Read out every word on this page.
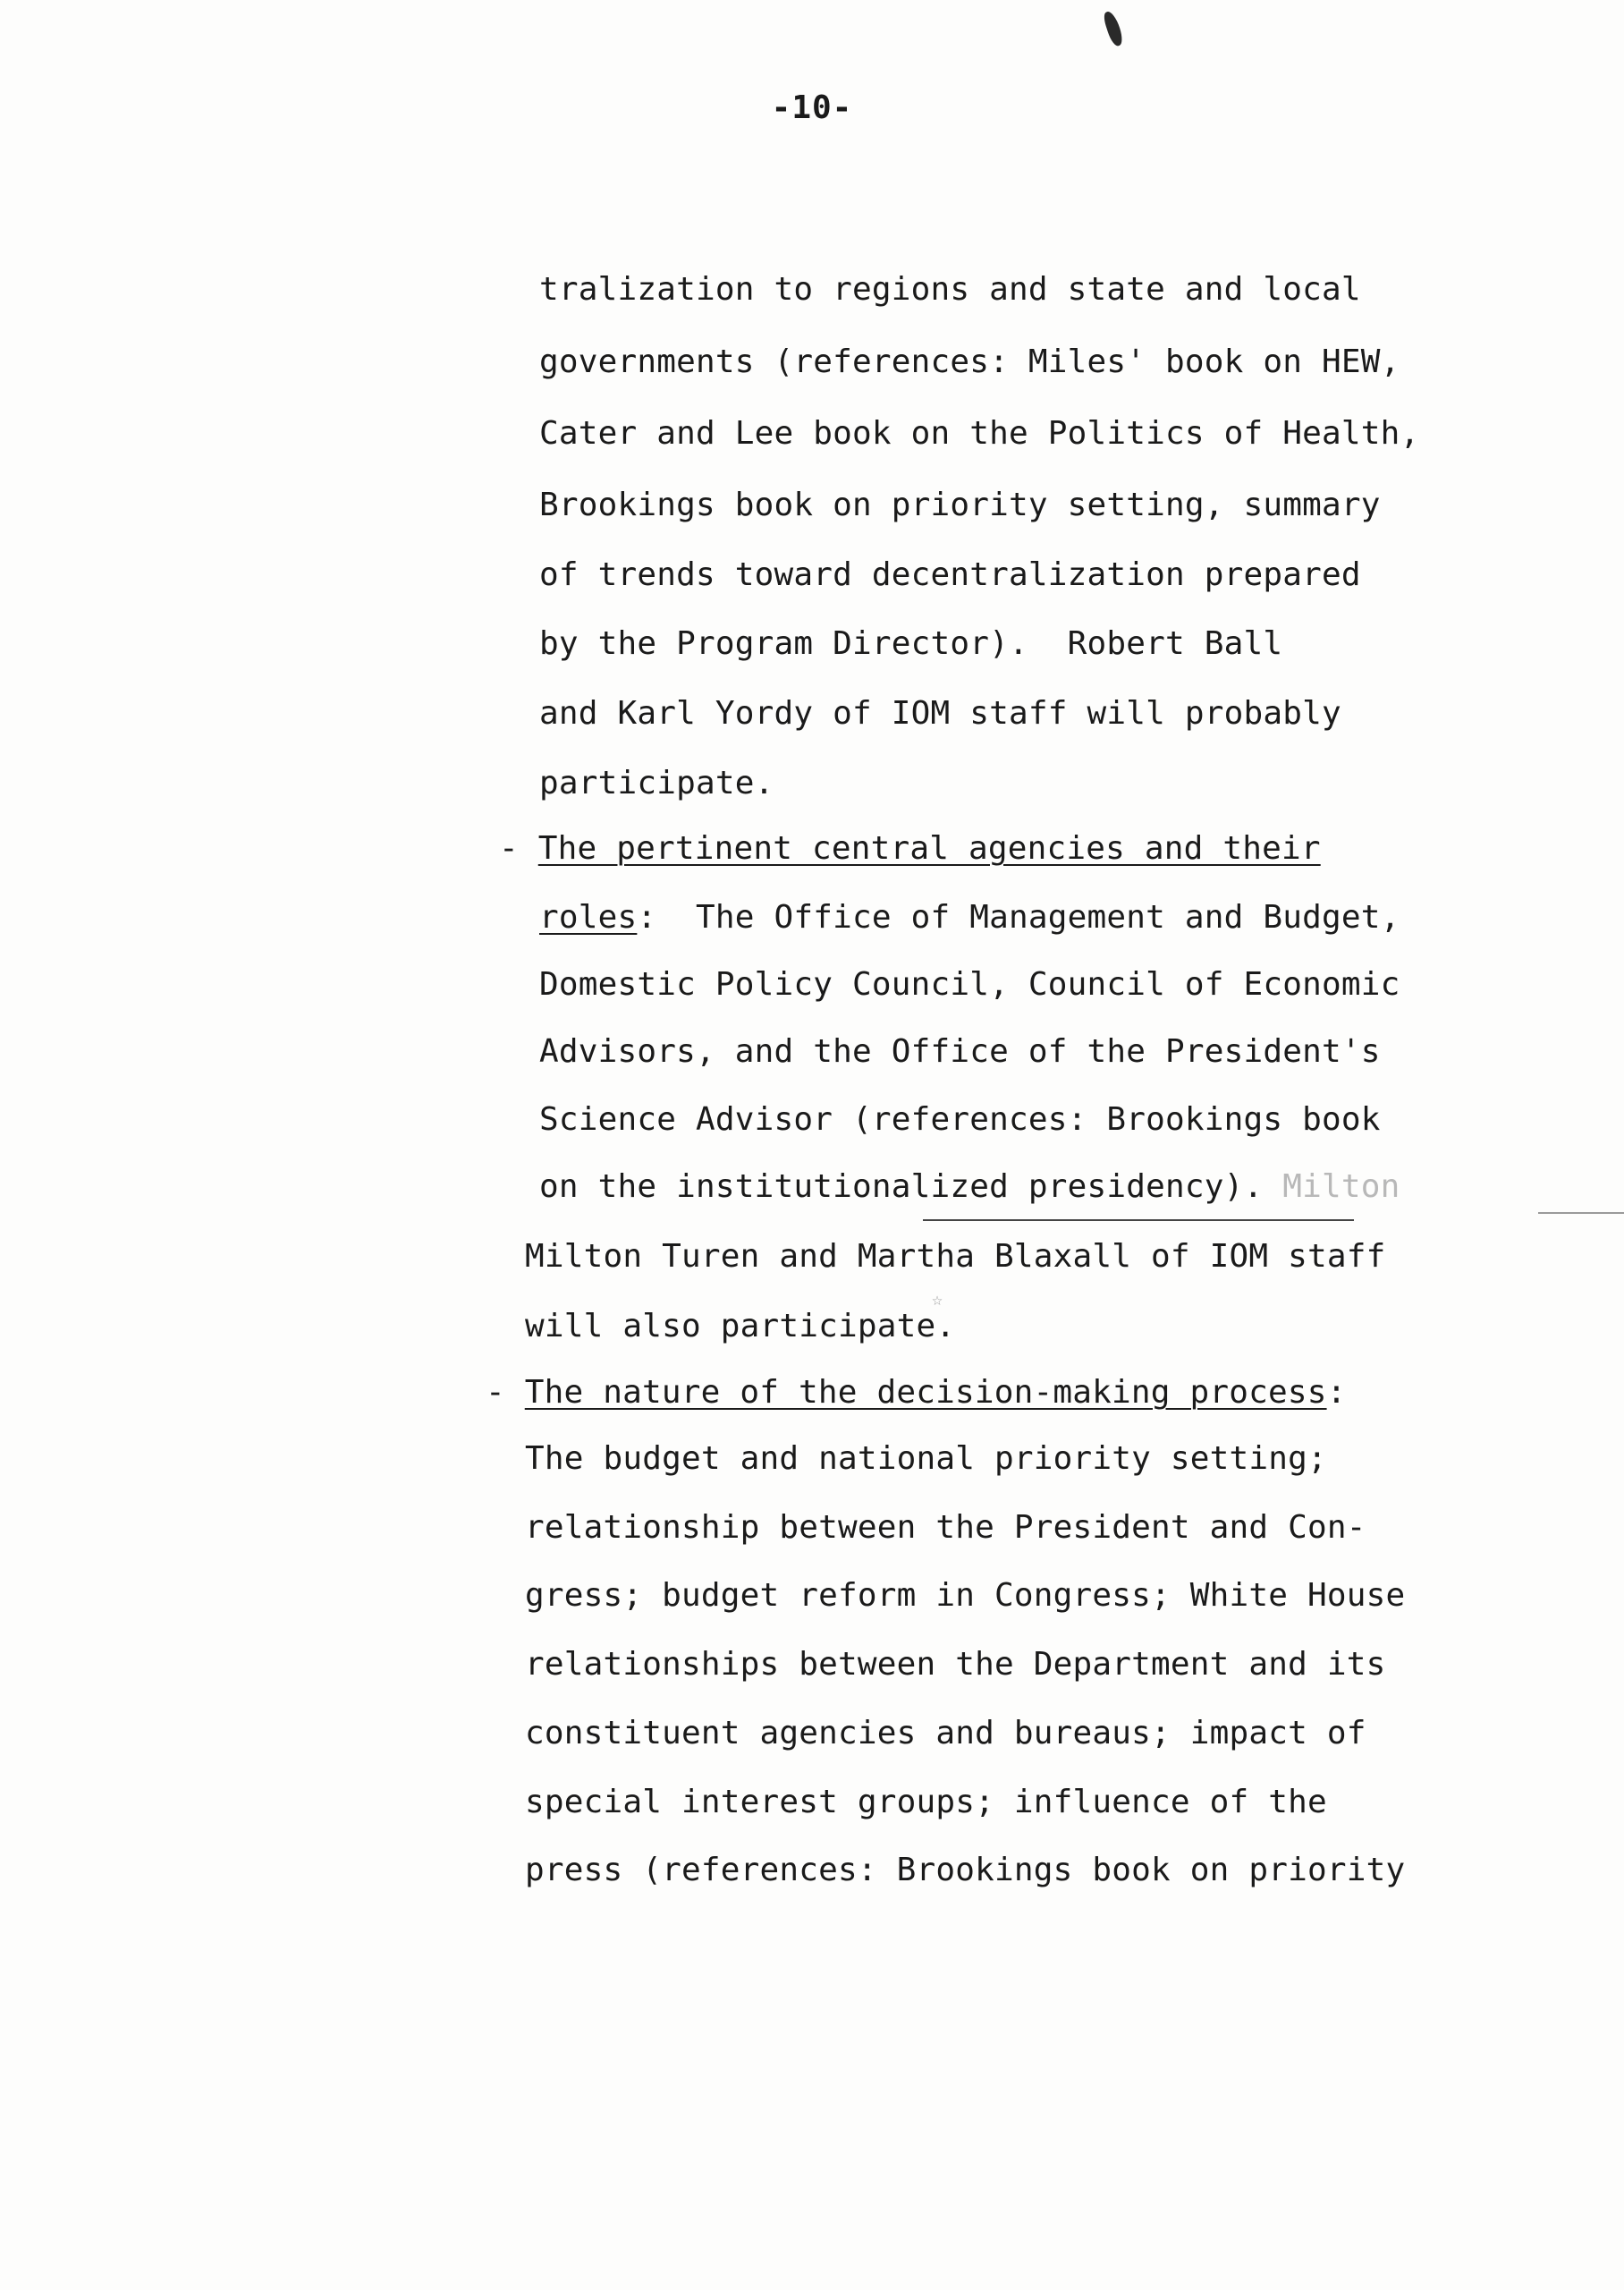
☆
-10-
tralization to regions and state and local
governments (references: Miles' book on HEW,
Cater and Lee book on the Politics of Health,
Brookings book on priority setting, summary
of trends toward decentralization prepared
by the Program Director).  Robert Ball
and Karl Yordy of IOM staff will probably
participate.
- The pertinent central agencies and their
roles:  The Office of Management and Budget,
Domestic Policy Council, Council of Economic
Advisors, and the Office of the President's
Science Advisor (references: Brookings book
on the institutionalized presidency). Milton
Milton Turen and Martha Blaxall of IOM staff
will also participate.
- The nature of the decision-making process:
The budget and national priority setting;
relationship between the President and Con-
gress; budget reform in Congress; White House
relationships between the Department and its
constituent agencies and bureaus; impact of
special interest groups; influence of the
press (references: Brookings book on priority
